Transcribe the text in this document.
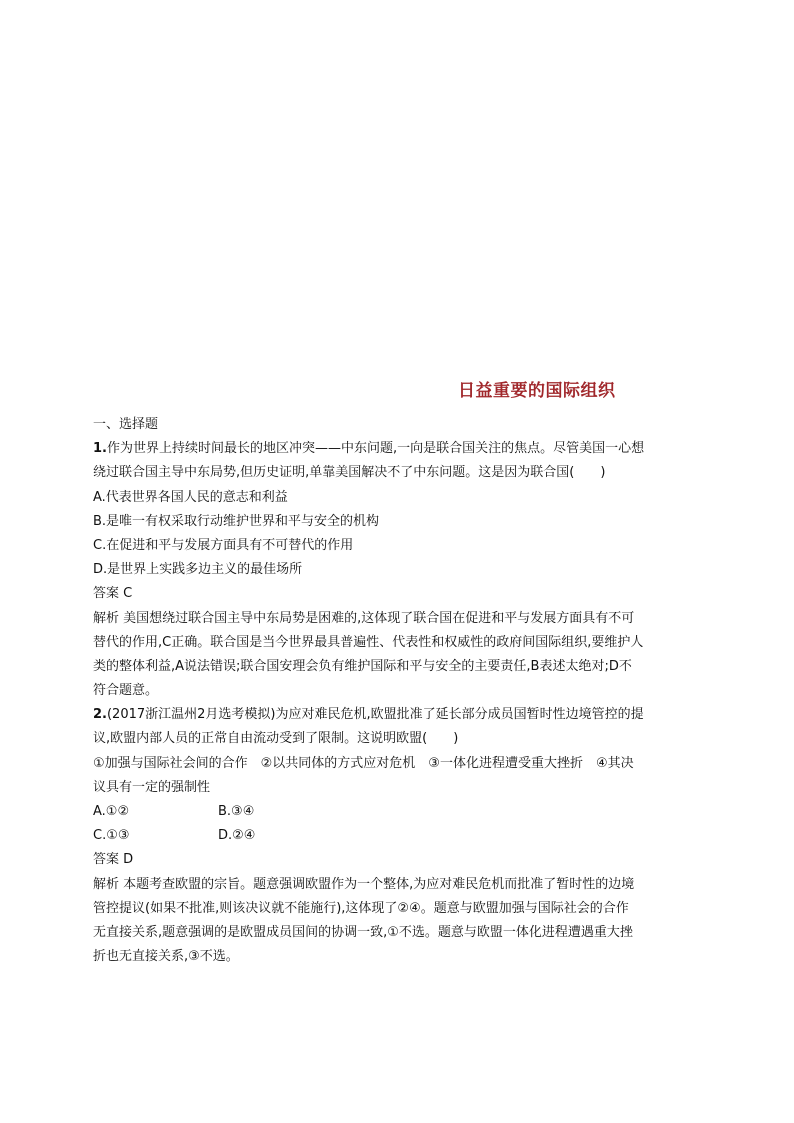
日益重要的国际组织
一、选择题
1.作为世界上持续时间最长的地区冲突——中东问题,一向是联合国关注的焦点。尽管美国一心想
绕过联合国主导中东局势,但历史证明,单靠美国解决不了中东问题。这是因为联合国(　　)
A.代表世界各国人民的意志和利益
B.是唯一有权采取行动维护世界和平与安全的机构
C.在促进和平与发展方面具有不可替代的作用
D.是世界上实践多边主义的最佳场所
答案 C
解析 美国想绕过联合国主导中东局势是困难的,这体现了联合国在促进和平与发展方面具有不可
替代的作用,C正确。联合国是当今世界最具普遍性、代表性和权威性的政府间国际组织,要维护人
类的整体利益,A说法错误;联合国安理会负有维护国际和平与安全的主要责任,B表述太绝对;D不
符合题意。
2.(2017浙江温州2月选考模拟)为应对难民危机,欧盟批准了延长部分成员国暂时性边境管控的提
议,欧盟内部人员的正常自由流动受到了限制。这说明欧盟(　　)
①加强与国际社会间的合作　②以共同体的方式应对危机　③一体化进程遭受重大挫折　④其决
议具有一定的强制性
A.①②	B.③④
C.①③	D.②④
答案 D
解析 本题考查欧盟的宗旨。题意强调欧盟作为一个整体,为应对难民危机而批准了暂时性的边境
管控提议(如果不批准,则该决议就不能施行),这体现了②④。题意与欧盟加强与国际社会的合作
无直接关系,题意强调的是欧盟成员国间的协调一致,①不选。题意与欧盟一体化进程遭遇重大挫
折也无直接关系,③不选。
